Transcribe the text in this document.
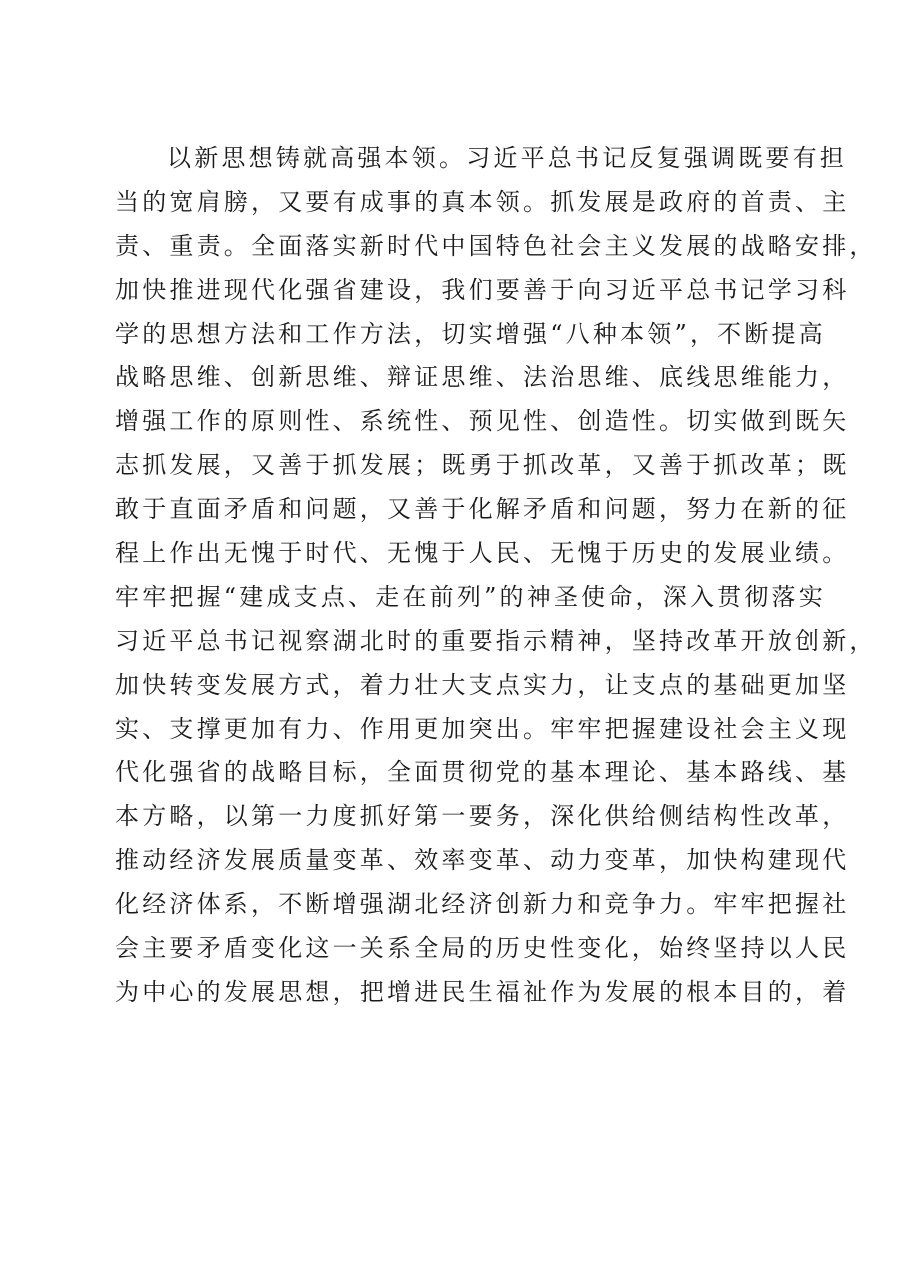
以新思想铸就高强本领。习近平总书记反复强调既要有担
当的宽肩膀，又要有成事的真本领。抓发展是政府的首责、主
责、重责。全面落实新时代中国特色社会主义发展的战略安排，
加快推进现代化强省建设，我们要善于向习近平总书记学习科
学的思想方法和工作方法，切实增强“八种本领”，不断提高
战略思维、创新思维、辩证思维、法治思维、底线思维能力，
增强工作的原则性、系统性、预见性、创造性。切实做到既矢
志抓发展，又善于抓发展；既勇于抓改革，又善于抓改革；既
敢于直面矛盾和问题，又善于化解矛盾和问题，努力在新的征
程上作出无愧于时代、无愧于人民、无愧于历史的发展业绩。
牢牢把握“建成支点、走在前列”的神圣使命，深入贯彻落实
习近平总书记视察湖北时的重要指示精神，坚持改革开放创新，
加快转变发展方式，着力壮大支点实力，让支点的基础更加坚
实、支撑更加有力、作用更加突出。牢牢把握建设社会主义现
代化强省的战略目标，全面贯彻党的基本理论、基本路线、基
本方略，以第一力度抓好第一要务，深化供给侧结构性改革，
推动经济发展质量变革、效率变革、动力变革，加快构建现代
化经济体系，不断增强湖北经济创新力和竞争力。牢牢把握社
会主要矛盾变化这一关系全局的历史性变化，始终坚持以人民
为中心的发展思想，把增进民生福祉作为发展的根本目的，着
